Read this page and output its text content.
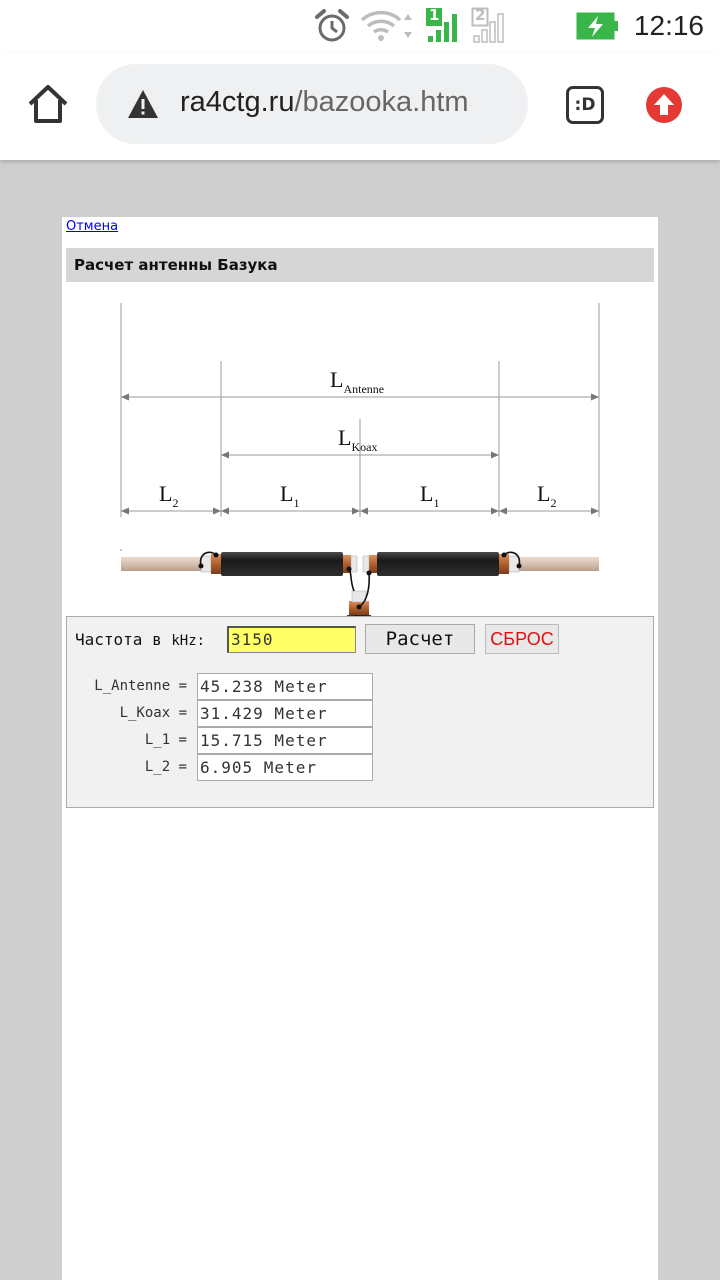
1 2	12:16
ra4ctg.ru/bazooka.htm	:D
Отмена
Расчет антенны Базука
$L_{Antenne}$
$L_{Koax}$
$L_2$	$L_1$	$L_1$	$L_2$
Частота в kHz: 3150	Расчет	СБРОС
L_Antenne = 45.238 Meter
L_Koax = 31.429 Meter
L_1 = 15.715 Meter
L_2 = 6.905 Meter
